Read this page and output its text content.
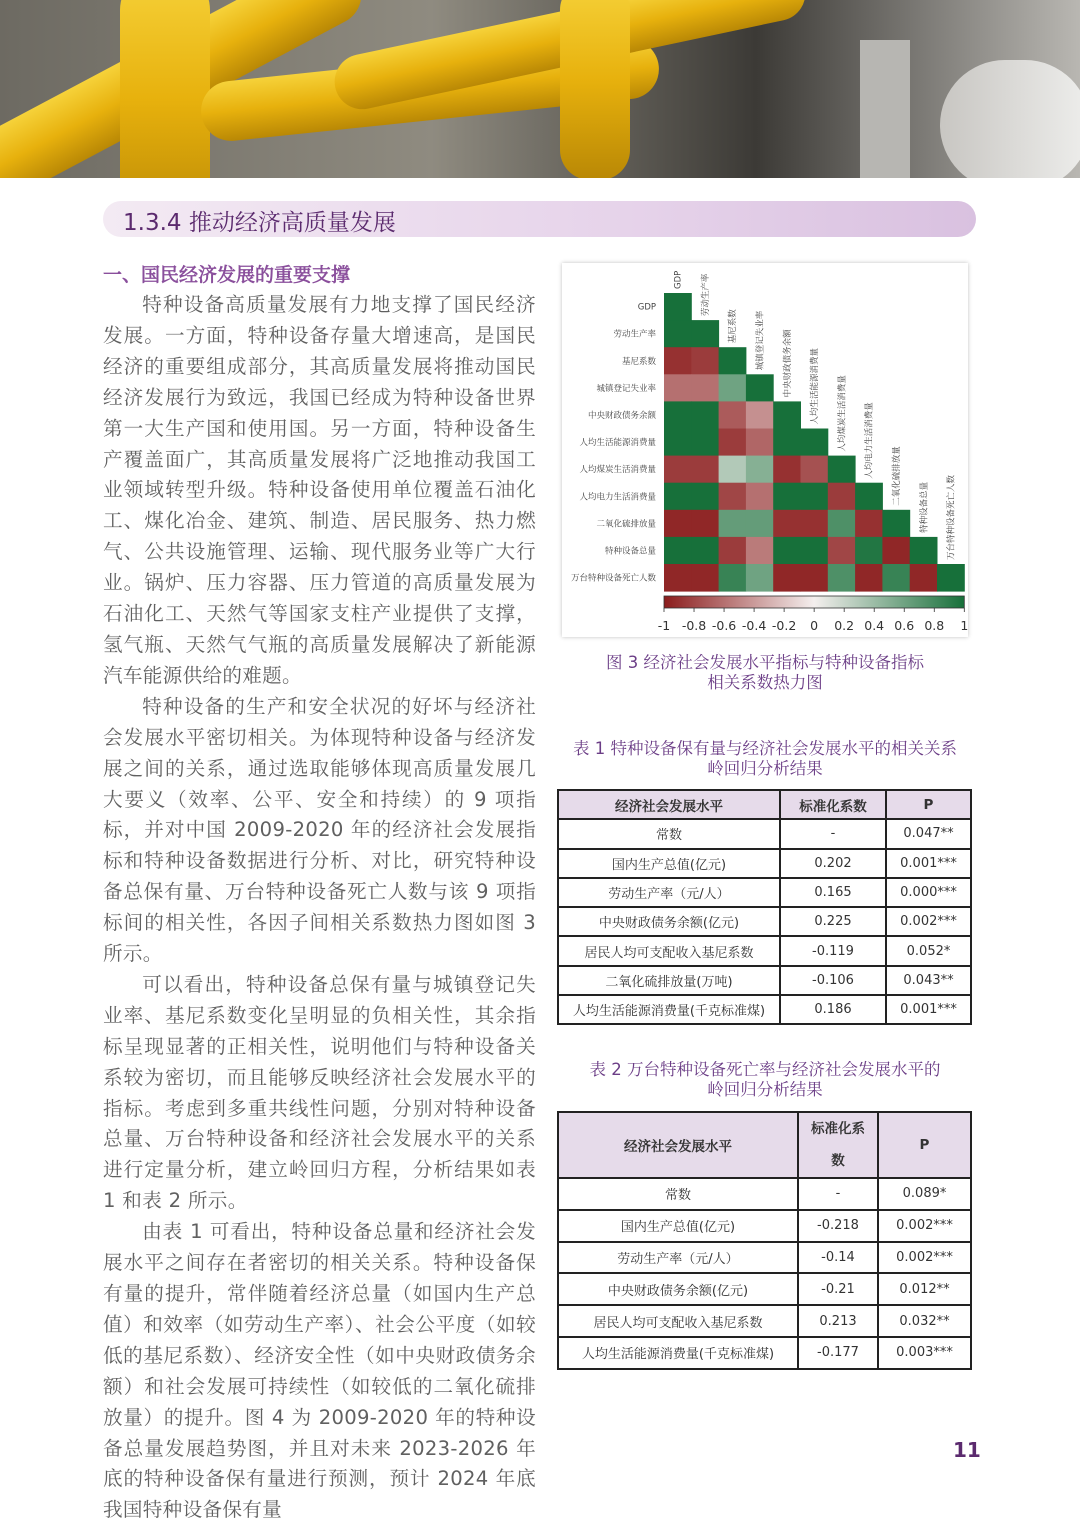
1.3.4 推动经济高质量发展
一、国民经济发展的重要支撑

特种设备高质量发展有力地支撑了国民经济发展。一方面，特种设备存量大增速高，是国民经济的重要组成部分，其高质量发展将推动国民经济发展行为致远，我国已经成为特种设备世界第一大生产国和使用国。另一方面，特种设备生产覆盖面广，其高质量发展将广泛地推动我国工业领域转型升级。特种设备使用单位覆盖石油化工、煤化冶金、建筑、制造、居民服务、热力燃气、公共设施管理、运输、现代服务业等广大行业。锅炉、压力容器、压力管道的高质量发展为石油化工、天然气等国家支柱产业提供了支撑，氢气瓶、天然气气瓶的高质量发展解决了新能源汽车能源供给的难题。

特种设备的生产和安全状况的好坏与经济社会发展水平密切相关。为体现特种设备与经济发展之间的关系，通过选取能够体现高质量发展几大要义（效率、公平、安全和持续）的 9 项指标，并对中国 2009-2020 年的经济社会发展指标和特种设备数据进行分析、对比，研究特种设备总保有量、万台特种设备死亡人数与该 9 项指标间的相关性，各因子间相关系数热力图如图 3 所示。

可以看出，特种设备总保有量与城镇登记失业率、基尼系数变化呈明显的负相关性，其余指标呈现显著的正相关性，说明他们与特种设备关系较为密切，而且能够反映经济社会发展水平的指标。考虑到多重共线性问题，分别对特种设备总量、万台特种设备和经济社会发展水平的关系进行定量分析，建立岭回归方程，分析结果如表 1 和表 2 所示。

由表 1 可看出，特种设备总量和经济社会发展水平之间存在者密切的相关关系。特种设备保有量的提升，常伴随着经济总量（如国内生产总值）和效率（如劳动生产率）、社会公平度（如较低的基尼系数）、经济安全性（如中央财政债务余额）和社会发展可持续性（如较低的二氧化硫排放量）的提升。图 4 为 2009-2020 年的特种设备总量发展趋势图，并且对未来 2023-2026 年底的特种设备保有量进行预测，预计 2024 年底我国特种设备保有量

GDP
GDP
劳动生产率
劳动生产率
基尼系数
基尼系数
城镇登记失业率
城镇登记失业率
中央财政债务余额
中央财政债务余额
人均生活能源消费量
人均生活能源消费量
人均煤炭生活消费量
人均煤炭生活消费量
人均电力生活消费量
人均电力生活消费量
二氧化硫排放量
二氧化硫排放量
特种设备总量
特种设备总量
万台特种设备死亡人数
万台特种设备死亡人数
-1 -0.8 -0.6 -0.4 -0.2 0 0.2 0.4 0.6 0.8 1
图 3 经济社会发展水平指标与特种设备指标
相关系数热力图
表 1 特种设备保有量与经济社会发展水平的相关关系
岭回归分析结果
经济社会发展水平	标准化系数	P
常数	-	0.047**
国内生产总值(亿元)	0.202	0.001***
劳动生产率（元/人）	0.165	0.000***
中央财政债务余额(亿元)	0.225	0.002***
居民人均可支配收入基尼系数	-0.119	0.052*
二氧化硫排放量(万吨)	-0.106	0.043**
人均生活能源消费量(千克标准煤)	0.186	0.001***
表 2 万台特种设备死亡率与经济社会发展水平的
岭回归分析结果
经济社会发展水平	标准化系数	P
常数	-	0.089*
国内生产总值(亿元)	-0.218	0.002***
劳动生产率（元/人）	-0.14	0.002***
中央财政债务余额(亿元)	-0.21	0.012**
居民人均可支配收入基尼系数	0.213	0.032**
人均生活能源消费量(千克标准煤)	-0.177	0.003***
11
